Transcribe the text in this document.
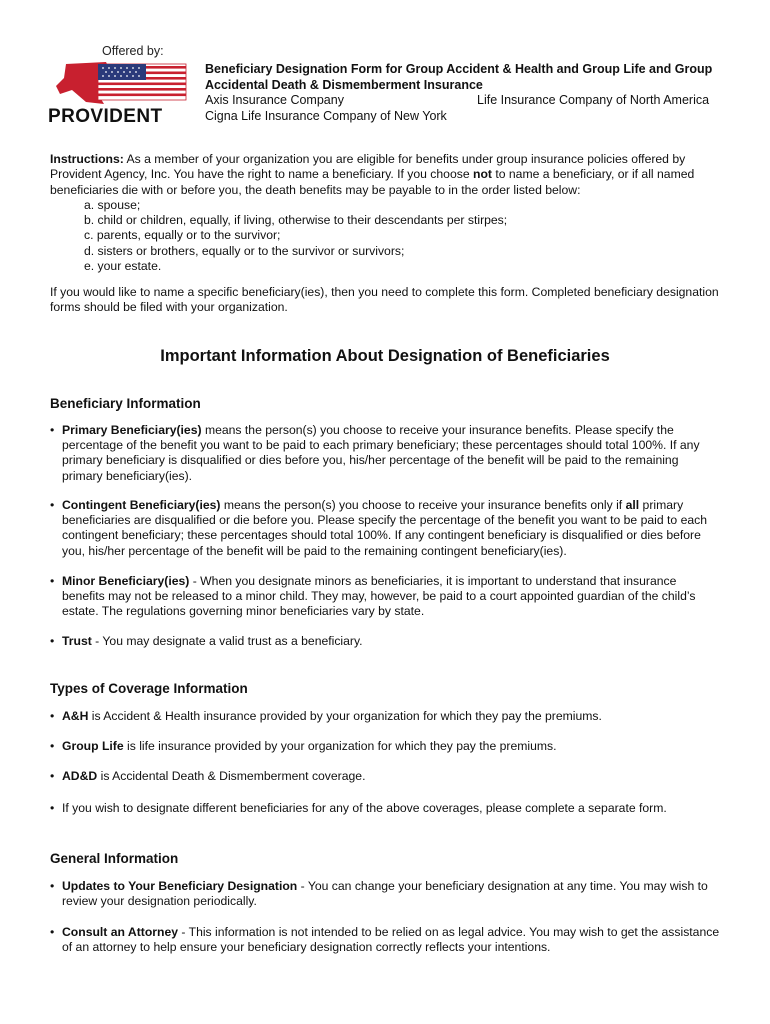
Offered by:
PROVIDENT
Beneficiary Designation Form for Group Accident & Health and Group Life and Group
Accidental Death & Dismemberment Insurance
Axis Insurance Company	Life Insurance Company of North America
Cigna Life Insurance Company of New York
Instructions: As a member of your organization you are eligible for benefits under group insurance policies offered by Provident Agency, Inc. You have the right to name a beneficiary. If you choose not to name a beneficiary, or if all named beneficiaries die with or before you, the death benefits may be payable to in the order listed below:
a. spouse;
b. child or children, equally, if living, otherwise to their descendants per stirpes;
c. parents, equally or to the survivor;
d. sisters or brothers, equally or to the survivor or survivors;
e. your estate.
If you would like to name a specific beneficiary(ies), then you need to complete this form. Completed beneficiary designation forms should be filed with your organization.
Important Information About Designation of Beneficiaries
Beneficiary Information
• Primary Beneficiary(ies) means the person(s) you choose to receive your insurance benefits. Please specify the percentage of the benefit you want to be paid to each primary beneficiary; these percentages should total 100%. If any primary beneficiary is disqualified or dies before you, his/her percentage of the benefit will be paid to the remaining primary beneficiary(ies).
• Contingent Beneficiary(ies) means the person(s) you choose to receive your insurance benefits only if all primary beneficiaries are disqualified or die before you. Please specify the percentage of the benefit you want to be paid to each contingent beneficiary; these percentages should total 100%. If any contingent beneficiary is disqualified or dies before you, his/her percentage of the benefit will be paid to the remaining contingent beneficiary(ies).
• Minor Beneficiary(ies) - When you designate minors as beneficiaries, it is important to understand that insurance benefits may not be released to a minor child. They may, however, be paid to a court appointed guardian of the child’s estate. The regulations governing minor beneficiaries vary by state.
• Trust - You may designate a valid trust as a beneficiary.
Types of Coverage Information
• A&H is Accident & Health insurance provided by your organization for which they pay the premiums.
• Group Life is life insurance provided by your organization for which they pay the premiums.
• AD&D is Accidental Death & Dismemberment coverage.
• If you wish to designate different beneficiaries for any of the above coverages, please complete a separate form.
General Information
• Updates to Your Beneficiary Designation - You can change your beneficiary designation at any time. You may wish to review your designation periodically.
• Consult an Attorney - This information is not intended to be relied on as legal advice. You may wish to get the assistance of an attorney to help ensure your beneficiary designation correctly reflects your intentions.
